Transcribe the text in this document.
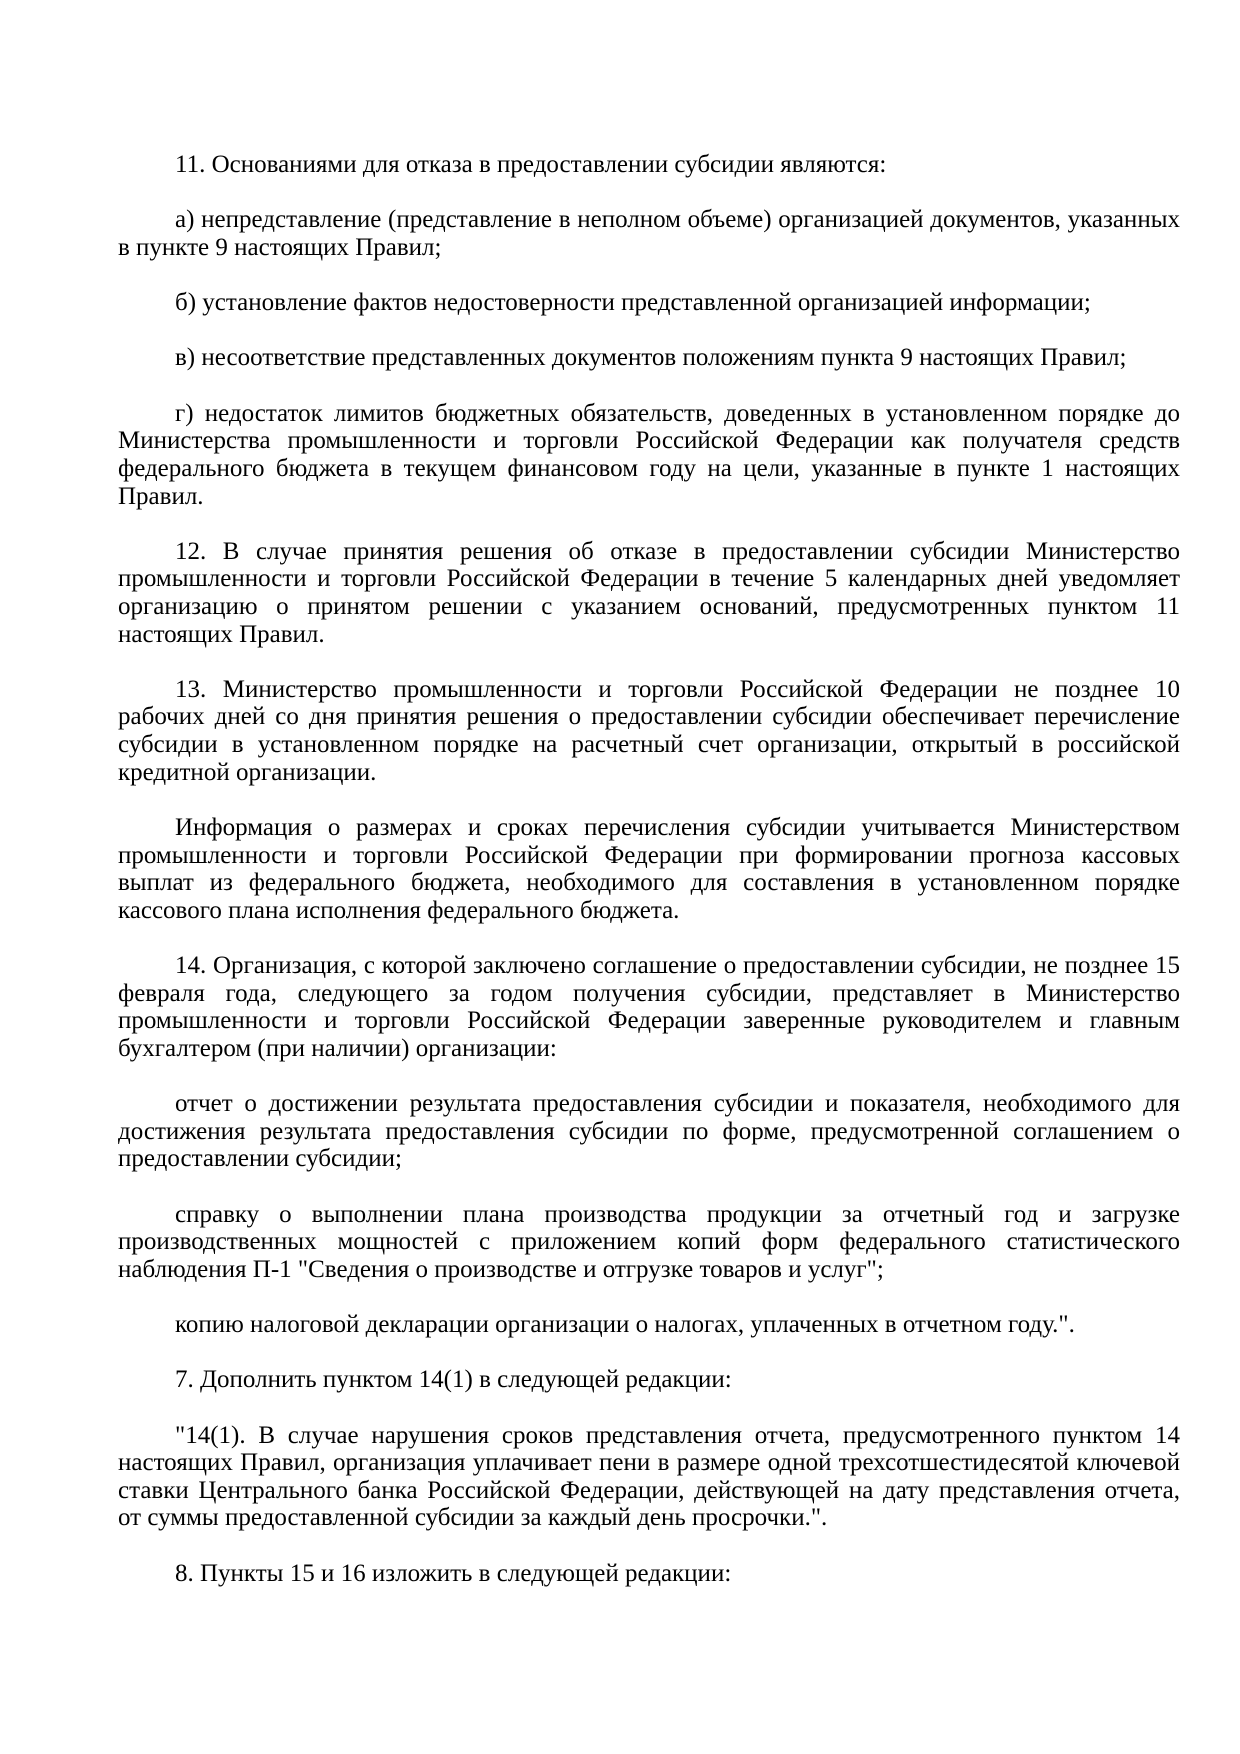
11. Основаниями для отказа в предоставлении субсидии являются:
а) непредставление (представление в неполном объеме) организацией документов, указанных
в пункте 9 настоящих Правил;
б) установление фактов недостоверности представленной организацией информации;
в) несоответствие представленных документов положениям пункта 9 настоящих Правил;
г) недостаток лимитов бюджетных обязательств, доведенных в установленном порядке до
Министерства промышленности и торговли Российской Федерации как получателя средств
федерального бюджета в текущем финансовом году на цели, указанные в пункте 1 настоящих
Правил.
12. В случае принятия решения об отказе в предоставлении субсидии Министерство
промышленности и торговли Российской Федерации в течение 5 календарных дней уведомляет
организацию о принятом решении с указанием оснований, предусмотренных пунктом 11
настоящих Правил.
13. Министерство промышленности и торговли Российской Федерации не позднее 10
рабочих дней со дня принятия решения о предоставлении субсидии обеспечивает перечисление
субсидии в установленном порядке на расчетный счет организации, открытый в российской
кредитной организации.
Информация о размерах и сроках перечисления субсидии учитывается Министерством
промышленности и торговли Российской Федерации при формировании прогноза кассовых
выплат из федерального бюджета, необходимого для составления в установленном порядке
кассового плана исполнения федерального бюджета.
14. Организация, с которой заключено соглашение о предоставлении субсидии, не позднее 15
февраля года, следующего за годом получения субсидии, представляет в Министерство
промышленности и торговли Российской Федерации заверенные руководителем и главным
бухгалтером (при наличии) организации:
отчет о достижении результата предоставления субсидии и показателя, необходимого для
достижения результата предоставления субсидии по форме, предусмотренной соглашением о
предоставлении субсидии;
справку о выполнении плана производства продукции за отчетный год и загрузке
производственных мощностей с приложением копий форм федерального статистического
наблюдения П-1 "Сведения о производстве и отгрузке товаров и услуг";
копию налоговой декларации организации о налогах, уплаченных в отчетном году.".
7. Дополнить пунктом 14(1) в следующей редакции:
"14(1). В случае нарушения сроков представления отчета, предусмотренного пунктом 14
настоящих Правил, организация уплачивает пени в размере одной трехсотшестидесятой ключевой
ставки Центрального банка Российской Федерации, действующей на дату представления отчета,
от суммы предоставленной субсидии за каждый день просрочки.".
8. Пункты 15 и 16 изложить в следующей редакции:
